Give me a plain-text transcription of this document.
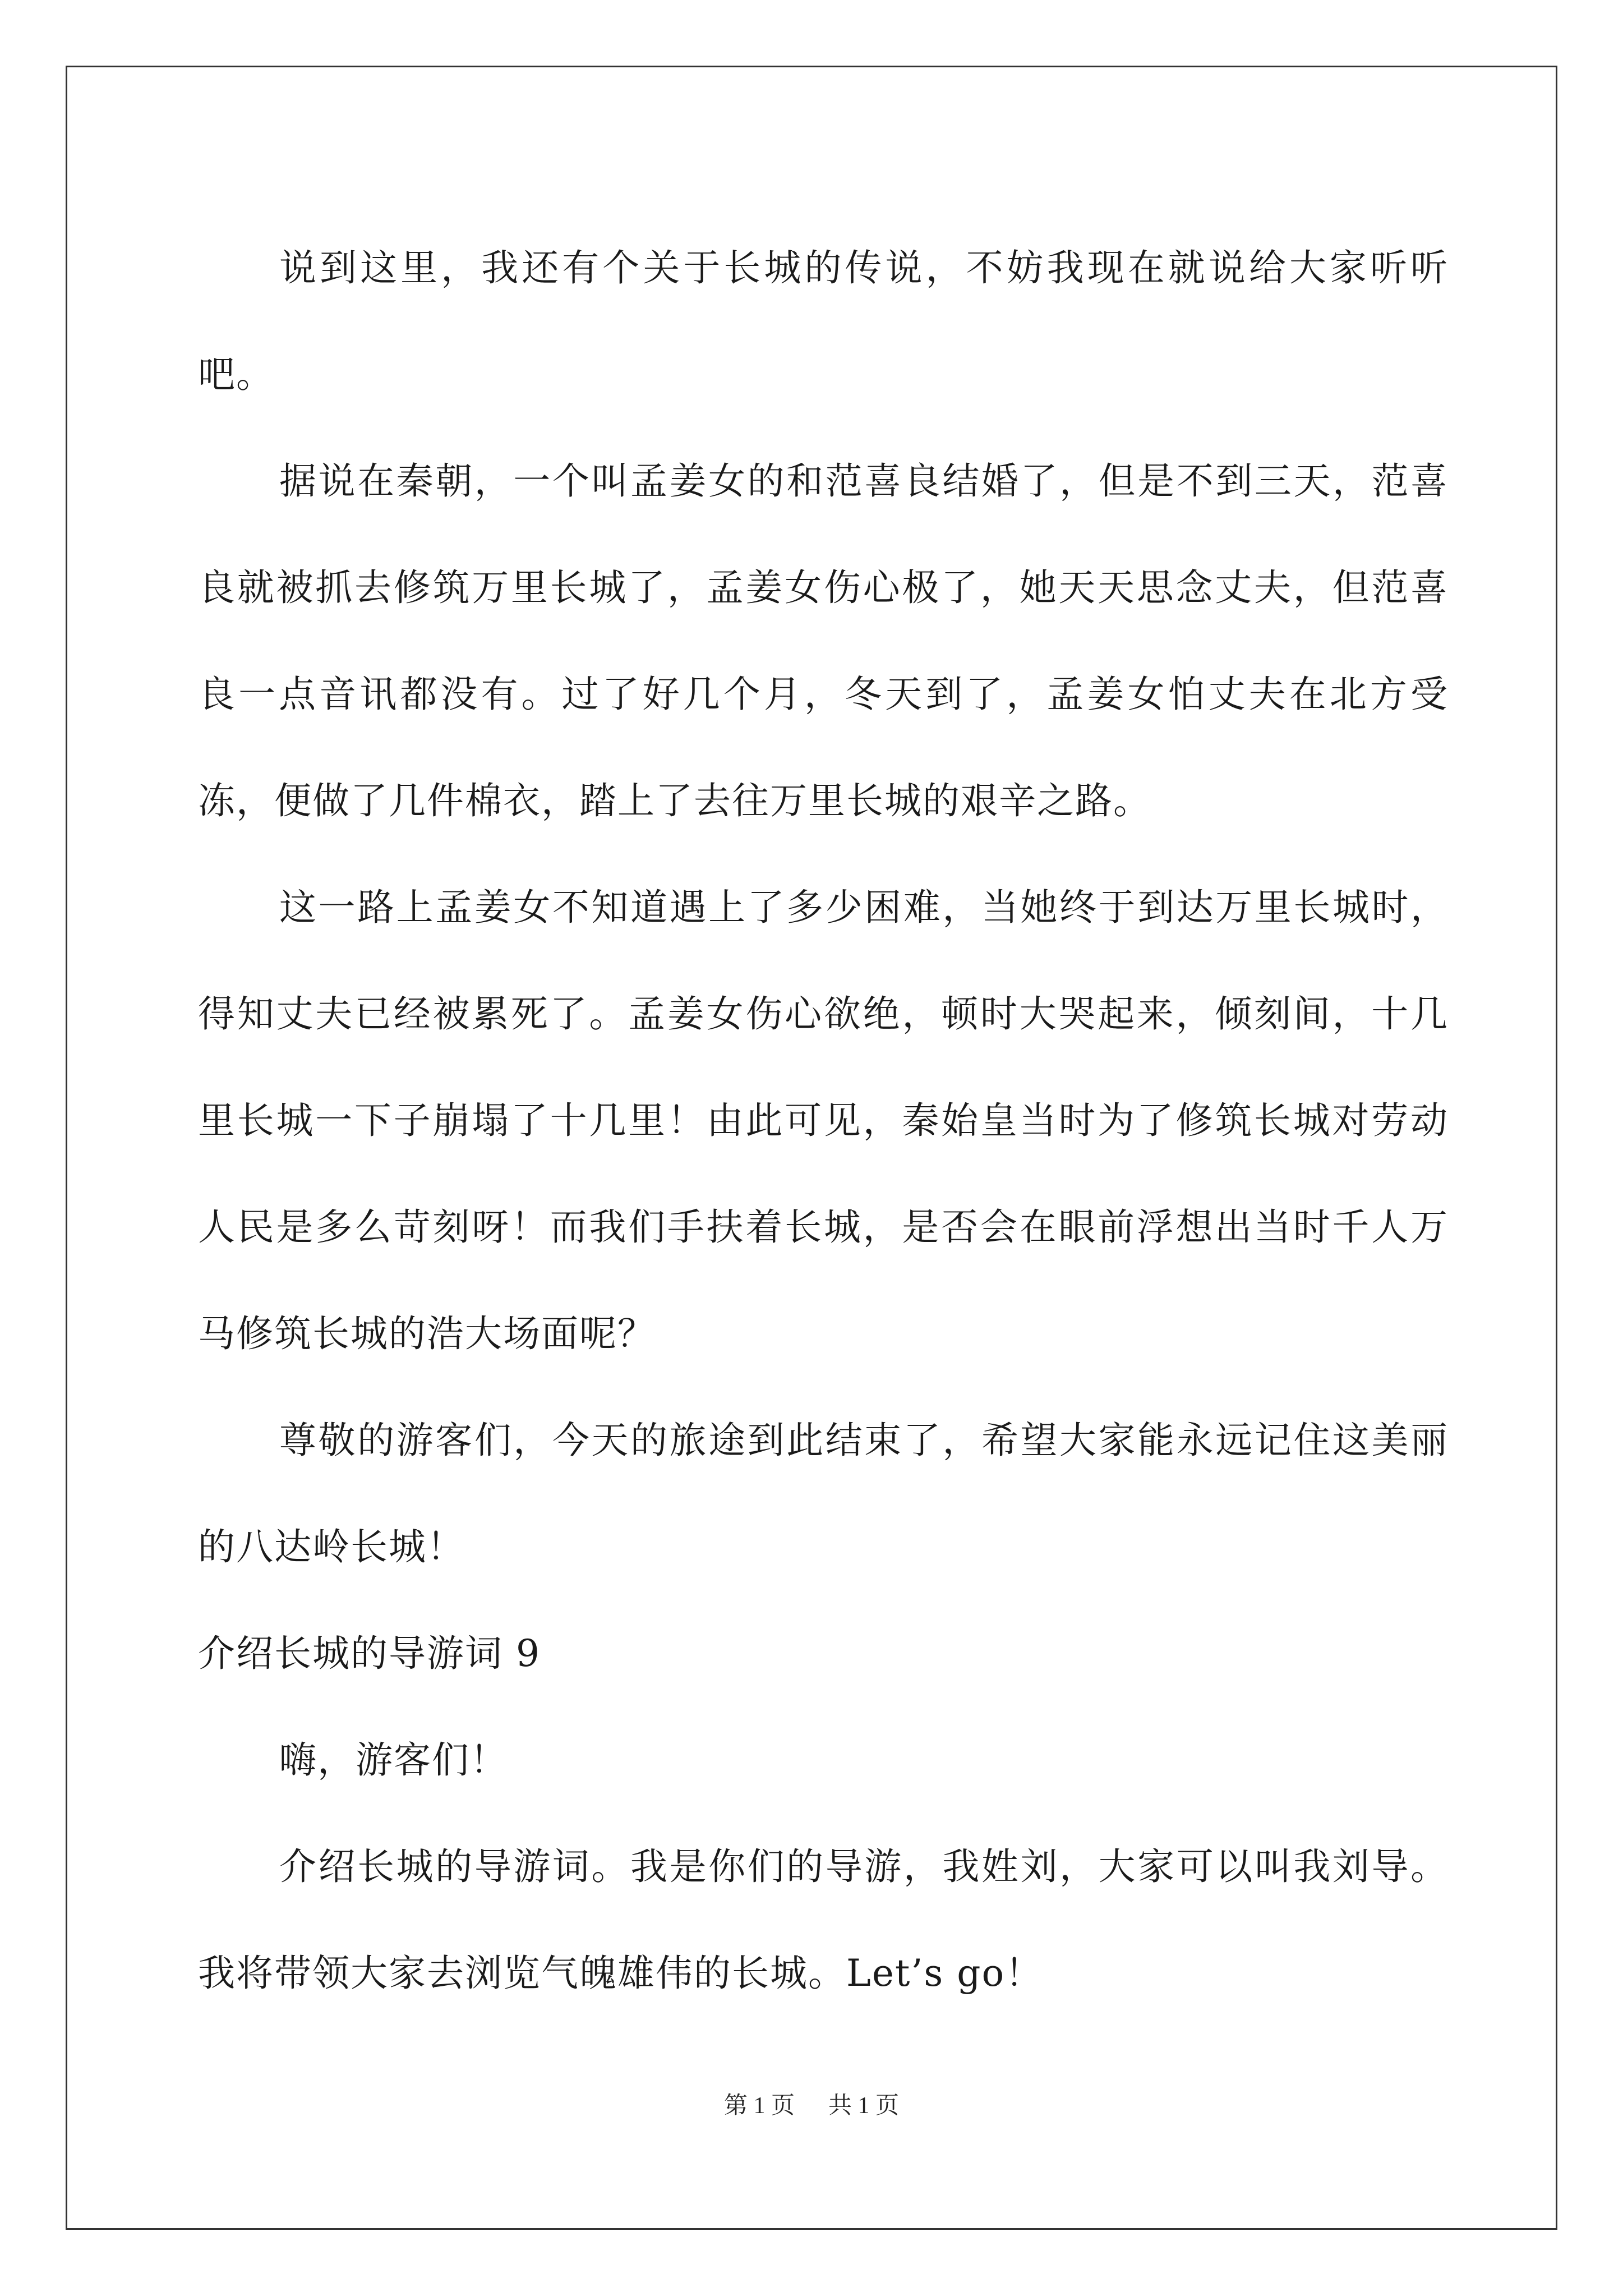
说到这里，我还有个关于长城的传说，不妨我现在就说给大家听听吧。

据说在秦朝，一个叫孟姜女的和范喜良结婚了，但是不到三天，范喜良就被抓去修筑万里长城了，孟姜女伤心极了，她天天思念丈夫，但范喜良一点音讯都没有。过了好几个月，冬天到了，孟姜女怕丈夫在北方受冻，便做了几件棉衣，踏上了去往万里长城的艰辛之路。

这一路上孟姜女不知道遇上了多少困难，当她终于到达万里长城时，得知丈夫已经被累死了。孟姜女伤心欲绝，顿时大哭起来，倾刻间，十几里长城一下子崩塌了十几里！由此可见，秦始皇当时为了修筑长城对劳动人民是多么苛刻呀！而我们手扶着长城，是否会在眼前浮想出当时千人万马修筑长城的浩大场面呢？

尊敬的游客们，今天的旅途到此结束了，希望大家能永远记住这美丽的八达岭长城！

介绍长城的导游词 9

嗨，游客们！

介绍长城的导游词。我是你们的导游，我姓刘，大家可以叫我刘导。我将带领大家去浏览气魄雄伟的长城。Let’s go！

第 1 页 共 1 页
